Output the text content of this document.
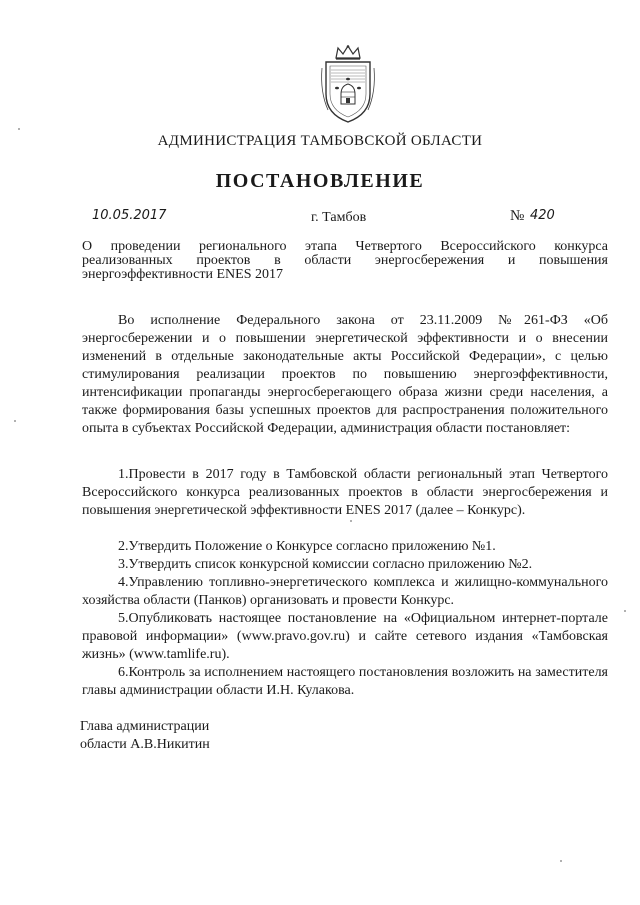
АДМИНИСТРАЦИЯ ТАМБОВСКОЙ ОБЛАСТИ
ПОСТАНОВЛЕНИЕ
10.05.2017	г. Тамбов	№ 420
О проведении регионального этапа Четвертого Всероссийского конкурса реализованных проектов в области энергосбережения и повышения энергоэффективности ENES 2017
Во исполнение Федерального закона от 23.11.2009 №261-ФЗ «Об энергосбережении и о повышении энергетической эффективности и о внесении изменений в отдельные законодательные акты Российской Федерации», с целью стимулирования реализации проектов по повышению энергоэффективности, интенсификации пропаганды энергосберегающего образа жизни среди населения, а также формирования базы успешных проектов для распространения положительного опыта в субъектах Российской Федерации, администрация области постановляет:
1.Провести в 2017 году в Тамбовской области региональный этап Четвертого Всероссийского конкурса реализованных проектов в области энергосбережения и повышения энергетической эффективности ENES 2017 (далее – Конкурс).
2.Утвердить Положение о Конкурсе согласно приложению №1.
3.Утвердить список конкурсной комиссии согласно приложению №2.
4.Управлению топливно-энергетического комплекса и жилищно-коммунального хозяйства области (Панков) организовать и провести Конкурс.
5.Опубликовать настоящее постановление на «Официальном интернет-портале правовой информации» (www.pravo.gov.ru) и сайте сетевого издания «Тамбовская жизнь» (www.tamlife.ru).
6.Контроль за исполнением настоящего постановления возложить на заместителя главы администрации области И.Н. Кулакова.
Глава администрации
области А.В.Никитин
